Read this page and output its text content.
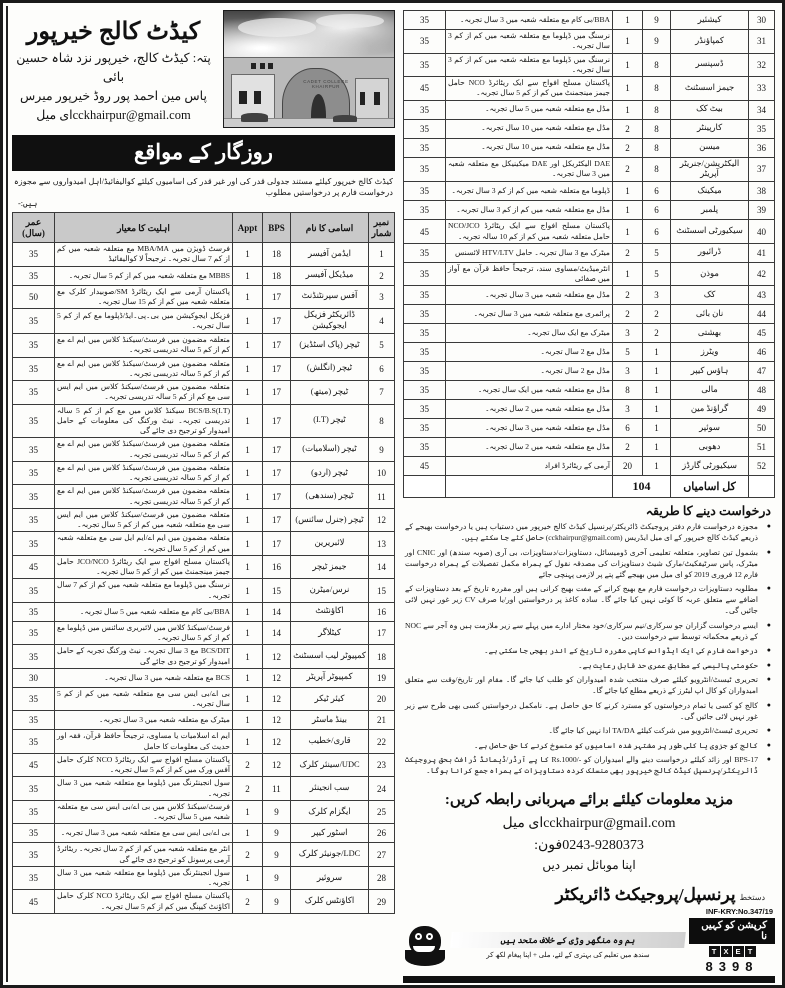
کیڈٹ کالج خیرپور
پتہ: کیڈٹ کالج، خیرپور نزد شاہ حسین بائی
پاس مین احمد پور روڈ خیرپور میرس
cckhairpur@gmail.comای میل
CADET COLLEGE KHAIRPUR
روزگار کے مواقع
کیڈٹ کالج خیرپور کیلئے مستند جدولی قدر کی اور غیر قدر کی اسامیوں کیلئے کوالیفائیڈ/اہل امیدواروں سے مجوزہ درخواست فارم پر درخواستیں مطلوب
ہیں:-
نمبر شمار	اسامی کا نام	BPS	Appt	اہلیت کا معیار	عمر (سال)
1	ایڈمن آفیسر	18	1	فرسٹ ڈویژن میں MBA/MA مع متعلقہ شعبہ میں کم از کم 7 سال تجربہ۔ ترجیحاً لا کوالیفائیڈ	35
2	میڈیکل آفیسر	18	1	MBBS مع متعلقہ شعبہ میں کم از کم 5 سال تجربہ۔	35
3	آفس سپرنٹنڈنٹ	17	1	پاکستان آرمی سے ایک ریٹائرڈ SM/صوبیدار کلرک مع متعلقہ شعبہ میں کم از کم 15 سال تجربہ۔	50
4	ڈائریکٹر فزیکل ایجوکیشن	17	1	فزیکل ایجوکیشن میں بی۔پی۔ایڈ/ڈپلوما مع کم از کم 5 سال تجربہ۔	35
5	ٹیچر (پاک اسٹڈیز)	17	1	متعلقہ مضمون میں فرسٹ/سیکنڈ کلاس میں ایم اے مع کم از کم 5 سالہ تدریسی تجربہ۔	35
6	ٹیچر (انگلش)	17	1	متعلقہ مضمون میں فرسٹ/سیکنڈ کلاس میں ایم اے مع کم از کم 5 سالہ تدریسی تجربہ۔	35
7	ٹیچر (میتھ)	17	1	متعلقہ مضمون میں فرسٹ/سیکنڈ کلاس میں ایم ایس سی مع کم از کم 5 سالہ تدریسی تجربہ۔	35
8	ٹیچر (I.T)	17	1	BCS/B.S(I.T) سیکنڈ کلاس میں مع کم از کم 5 سالہ تدریسی تجربہ۔ نیٹ ورکنگ کی معلومات کے حامل امیدوار کو ترجیح دی جائے گی	35
9	ٹیچر (اسلامیات)	17	1	متعلقہ مضمون میں فرسٹ/سیکنڈ کلاس میں ایم اے مع کم از کم 5 سالہ تدریسی تجربہ۔	35
10	ٹیچر (اردو)	17	1	متعلقہ مضمون میں فرسٹ/سیکنڈ کلاس میں ایم اے مع کم از کم 5 سالہ تدریسی تجربہ۔	35
11	ٹیچر (سندھی)	17	1	متعلقہ مضمون میں فرسٹ/سیکنڈ کلاس میں ایم اے مع کم از کم 5 سالہ تدریسی تجربہ۔	35
12	ٹیچر (جنرل سائنس)	17	1	متعلقہ مضمون میں فرسٹ/سیکنڈ کلاس میں ایم ایس سی مع متعلقہ شعبہ میں کم از کم 5 سال تجربہ۔	35
13	لائبریرین	17	1	متعلقہ مضمون میں ایم اے/ایم ایل سی مع متعلقہ شعبہ میں کم از کم 5 سال تجربہ۔	35
14	جیمز ٹیچر	16	1	پاکستان مسلح افواج سے ایک ریٹائرڈ JCO/NCO حامل جیمز مینجمنٹ میں کم از کم 5 سال تجربہ۔	45
15	نرس/میٹرن	15	1	نرسنگ میں ڈپلوما مع متعلقہ شعبہ میں کم از کم 7 سال تجربہ۔	35
16	اکاؤنٹنٹ	14	1	BBA/بی کام مع متعلقہ شعبہ میں 5 سال تجربہ۔	35
17	کیٹلاگر	14	1	فرسٹ/سیکنڈ کلاس میں لائبریری سائنس میں ڈپلوما مع کم از کم 5 سال تجربہ۔	35
18	کمپیوٹر لیب اسسٹنٹ	12	1	BCS/DIT مع 3 سال تجربہ۔ نیٹ ورکنگ تجربہ کے حامل امیدوار کو ترجیح دی جائے گی	35
19	کمپیوٹر آپریٹر	12	1	BCS مع متعلقہ شعبہ میں 3 سال تجربہ۔	30
20	کیئر ٹیکر	12	1	بی اے/بی ایس سی مع متعلقہ شعبہ میں کم از کم 5 سال تجربہ۔	35
21	بینڈ ماسٹر	12	1	میٹرک مع متعلقہ شعبہ میں 3 سال تجربہ۔	35
22	قاری/خطیب	12	1	ایم اے اسلامیات یا مساوی، ترجیحاً حافظ قرآن، فقہ اور حدیث کی معلومات کا حامل	35
23	UDC/سینئر کلرک	12	2	پاکستان مسلح افواج سے ایک ریٹائرڈ NCO کلرک حامل آفس ورک میں کم از کم 5 سال تجربہ۔	45
24	سب انجینئر	11	2	سول انجینئرنگ میں ڈپلوما مع متعلقہ شعبہ میں 3 سال تجربہ۔	35
25	ایگزام کلرک	9	1	فرسٹ/سیکنڈ کلاس میں بی اے/بی ایس سی مع متعلقہ شعبہ میں 5 سال تجربہ۔	35
26	اسٹور کیپر	9	1	بی اے/بی ایس سی مع متعلقہ شعبہ میں 3 سال تجربہ۔	35
27	LDC/جونیئر کلرک	9	2	انٹر مع متعلقہ شعبہ میں کم از کم 2 سال تجربہ۔ ریٹائرڈ آرمی پرسونل کو ترجیح دی جائے گی	35
28	سروئیر	9	1	سول انجینئرنگ میں ڈپلوما مع متعلقہ شعبہ میں 3 سال تجربہ۔	35
29	اکاؤنٹس کلرک	9	2	پاکستان مسلح افواج سے ایک ریٹائرڈ NCO کلرک حامل اکاؤنٹ کیپنگ میں کم از کم 5 سال تجربہ۔	45
30	کیشئیر	9	1	BBA/بی کام مع متعلقہ شعبہ میں 3 سال تجربہ۔	35
31	کمپاؤنڈر	9	1	نرسنگ میں ڈپلوما مع متعلقہ شعبہ میں کم از کم 3 سال تجربہ۔	35
32	ڈسپنسر	8	1	نرسنگ میں ڈپلوما مع متعلقہ شعبہ میں کم از کم 3 سال تجربہ۔	35
33	جیمز اسسٹنٹ	8	1	پاکستان مسلح افواج سے ایک ریٹائرڈ NCO حامل جیمز مینجمنٹ میں کم از کم 5 سال تجربہ۔	45
34	بیٹ کک	8	1	مڈل مع متعلقہ شعبہ میں 5 سال تجربہ۔	35
35	کارپینٹر	8	2	مڈل مع متعلقہ شعبہ میں 10 سال تجربہ۔	35
36	میسن	8	2	مڈل مع متعلقہ شعبہ میں 10 سال تجربہ۔	35
37	الیکٹریشن/جنریٹر آپریٹر	8	2	DAE الیکٹریکل اور DAE میکینیکل مع متعلقہ شعبہ میں 3 سال تجربہ۔	35
38	میکینک	6	1	ڈپلوما مع متعلقہ شعبہ میں کم از کم 3 سال تجربہ۔	35
39	پلمبر	6	1	مڈل مع متعلقہ شعبہ میں کم از کم 3 سال تجربہ۔	35
40	سیکیورٹی اسسٹنٹ	6	1	پاکستان مسلح افواج سے ایک ریٹائرڈ NCO/JCO حامل متعلقہ شعبہ میں کم از کم 10 سالہ تجربہ۔	45
41	ڈرائیور	5	2	میٹرک مع 3 سال تجربہ۔ حامل HTV/LTV لائسنس	35
42	موذن	5	1	انٹرمیڈیٹ/مساوی سند، ترجیحاً حافظ قرآن مع آواز میں صفائی	35
43	کک	3	2	مڈل مع متعلقہ شعبہ میں 3 سال تجربہ۔	35
44	نان بائی	2	2	پرائمری مع متعلقہ شعبہ میں 3 سال تجربہ۔	35
45	بھشتی	2	3	میٹرک مع ایک سال تجربہ۔	35
46	ویٹرز	1	5	مڈل مع 2 سال تجربہ۔	35
47	ہاؤس کیپر	1	3	مڈل مع 2 سال تجربہ۔	35
48	مالی	1	8	مڈل مع متعلقہ شعبہ میں ایک سال تجربہ۔	35
49	گراؤنڈ مین	1	3	مڈل مع متعلقہ شعبہ میں 2 سال تجربہ۔	35
50	سوئپر	1	6	مڈل مع متعلقہ شعبہ میں 3 سال تجربہ۔	35
51	دھوبی	1	2	مڈل مع متعلقہ شعبہ میں 2 سال تجربہ۔	35
52	سیکیورٹی گارڈز	1	20	آرمی کے ریٹائرڈ افراد	45
	کل اسامیاں	104			
درخواست دینے کا طریقہ
● مجوزہ درخواست فارم دفتر پروجیکٹ ڈائریکٹر/پرنسپل کیڈٹ کالج خیرپور میں دستیاب ہیں یا درخواست بھیجے کے ذریعے کیڈٹ کالج خیرپور کے ای میل ایڈریس (cckhairpur@gmail.com) حاصل کئے جا سکتے ہیں۔
● بشمول تین تصاویر، متعلقہ تعلیمی آخری ڈومیسائل، دستاویزات/دستاویزات، بی آری (صوبہ سندھ) اور CNIC اور میٹرک، پاس سرٹیفکیٹ/مارک شیٹ دستاویزات کی مصدقہ نقول کے ہمراہ مکمل تفصیلات کے ہمراہ درخواست فارم 12 فروری 2019 کو ای میل میں بھیجے گئے پتے پر لازمی پہنچی جائے
● مطلوبہ دستاویزات درخواست فارم مع بھیج کرانے کے مفت بھیج کرانی ہیں اور مقررہ تاریخ کے بعد دستاویزات کے اضافے سے متعلق عربہ کا کوئی نہیں کیا جائے گا۔ سادہ کاغذ پر درخواستیں اور/یا صرف CV زیر غور نہیں لائی جائیں گی۔
● ایسے درخواست گزاران جو سرکاری/نیم سرکاری/خود مختار ادارے میں پہلے سے زیر ملازمت ہیں وہ آجر سے NOC کے ذریعے محکمانہ توسط سے درخواست دیں۔
● درخواست فارم کی ایک ایڈوانس کاپی مقررہ تاریخ کے اندر بھجی جا سکتی ہے۔
● حکومتی پالیسی کے مطابق عمری حد قابل رعایت ہے۔
● تحریری ٹیسٹ/انٹرویو کیلئے صرف منتخب شدہ امیدواران کو طلب کیا جائے گا۔ مقام اور تاریخ/وقت سے متعلق امیدواران کو کال اپ لیٹرز کے ذریعے مطلع کیا جائے گا۔
● کالج کو کسی یا تمام درخواستوں کو مسترد کرنے کا حق حاصل ہے۔ نامکمل درخواستیں کسی بھی طرح سے زیر غور نہیں لائی جائیں گی۔
● تحریری ٹیسٹ/انٹرویو میں شرکت کیلئے TA/DA ادا نہیں کیا جائے گا۔
● کالج کو جزوی یا کلی طور پر مشتہر شدہ اسامیوں کو منسوخ کرنے کا حق حاصل ہے۔
● BPS-17 اور زائد کیلئے درخواست دینے والے امیدواران کو -/Rs.1000 کا پے آرڈر/ڈیمانڈ ڈرافٹ بحق پروجیکٹ ڈائریکٹر/پرنسپل کیڈٹ کالج خیرپور بھی منسلک کردہ دستاویزات کے ہمراہ جمع کرانا ہوگا۔
مزید معلومات کیلئے برائے مہربانی رابطہ کریں:
cckhairpur@gmail.comای میل
0243-9280373فون:
اپنا موبائل نمبر دیں
دستخط پرنسپل/پروجیکٹ ڈائریکٹر
INF-KRY:No.347/19
ہم وہ منگھر وڑی کے خلاف متحد ہیں
سندھ میں تعلیم کی بہتری کے لئے، ملی + اپنا پیغام لکھ کر
کرپشن کو کہیں نا
T
E
X
T
8398
